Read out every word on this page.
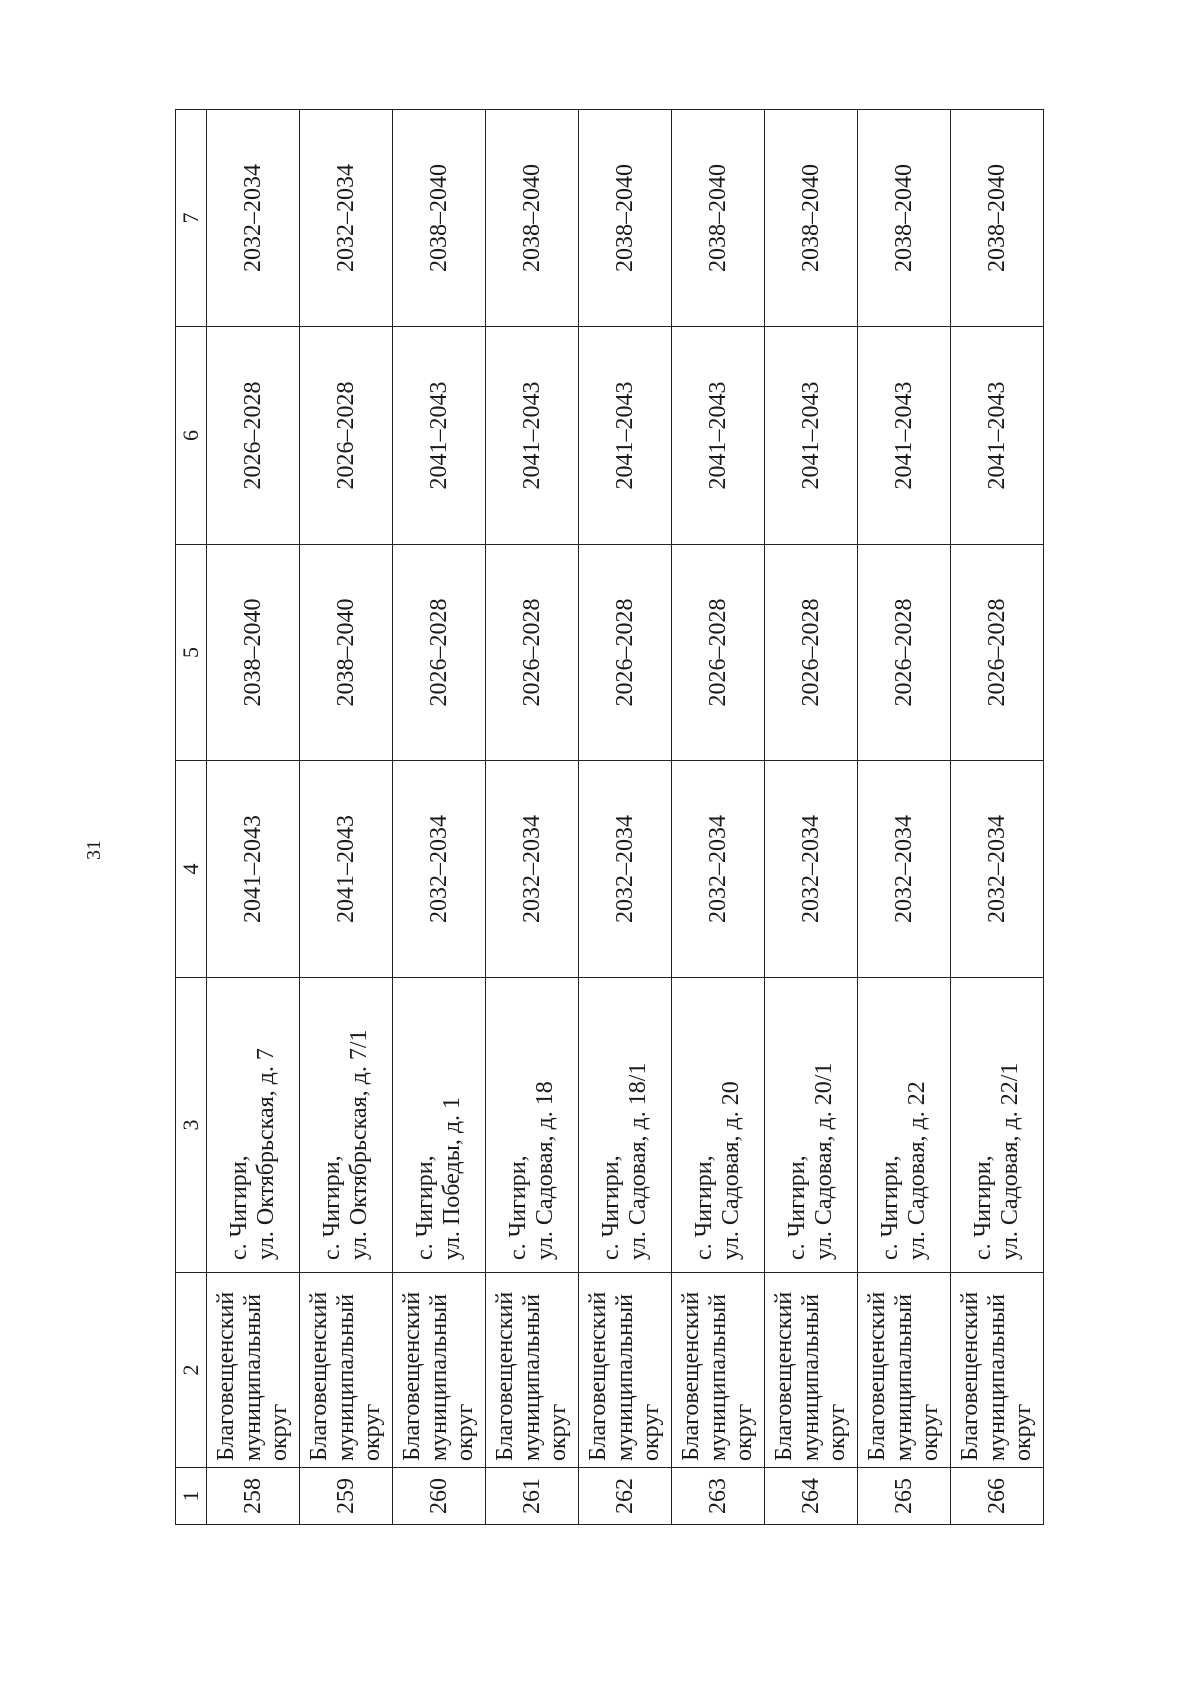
31
1	2	3	4	5	6	7
258	Благовещенский муниципальный округ	с. Чигири, ул. Октябрьская, д. 7	2041–2043	2038–2040	2026–2028	2032–2034
259	Благовещенский муниципальный округ	с. Чигири, ул. Октябрьская, д. 7/1	2041–2043	2038–2040	2026–2028	2032–2034
260	Благовещенский муниципальный округ	с. Чигири, ул. Победы, д. 1	2032–2034	2026–2028	2041–2043	2038–2040
261	Благовещенский муниципальный округ	с. Чигири, ул. Садовая, д. 18	2032–2034	2026–2028	2041–2043	2038–2040
262	Благовещенский муниципальный округ	с. Чигири, ул. Садовая, д. 18/1	2032–2034	2026–2028	2041–2043	2038–2040
263	Благовещенский муниципальный округ	с. Чигири, ул. Садовая, д. 20	2032–2034	2026–2028	2041–2043	2038–2040
264	Благовещенский муниципальный округ	с. Чигири, ул. Садовая, д. 20/1	2032–2034	2026–2028	2041–2043	2038–2040
265	Благовещенский муниципальный округ	с. Чигири, ул. Садовая, д. 22	2032–2034	2026–2028	2041–2043	2038–2040
266	Благовещенский муниципальный округ	с. Чигири, ул. Садовая, д. 22/1	2032–2034	2026–2028	2041–2043	2038–2040
